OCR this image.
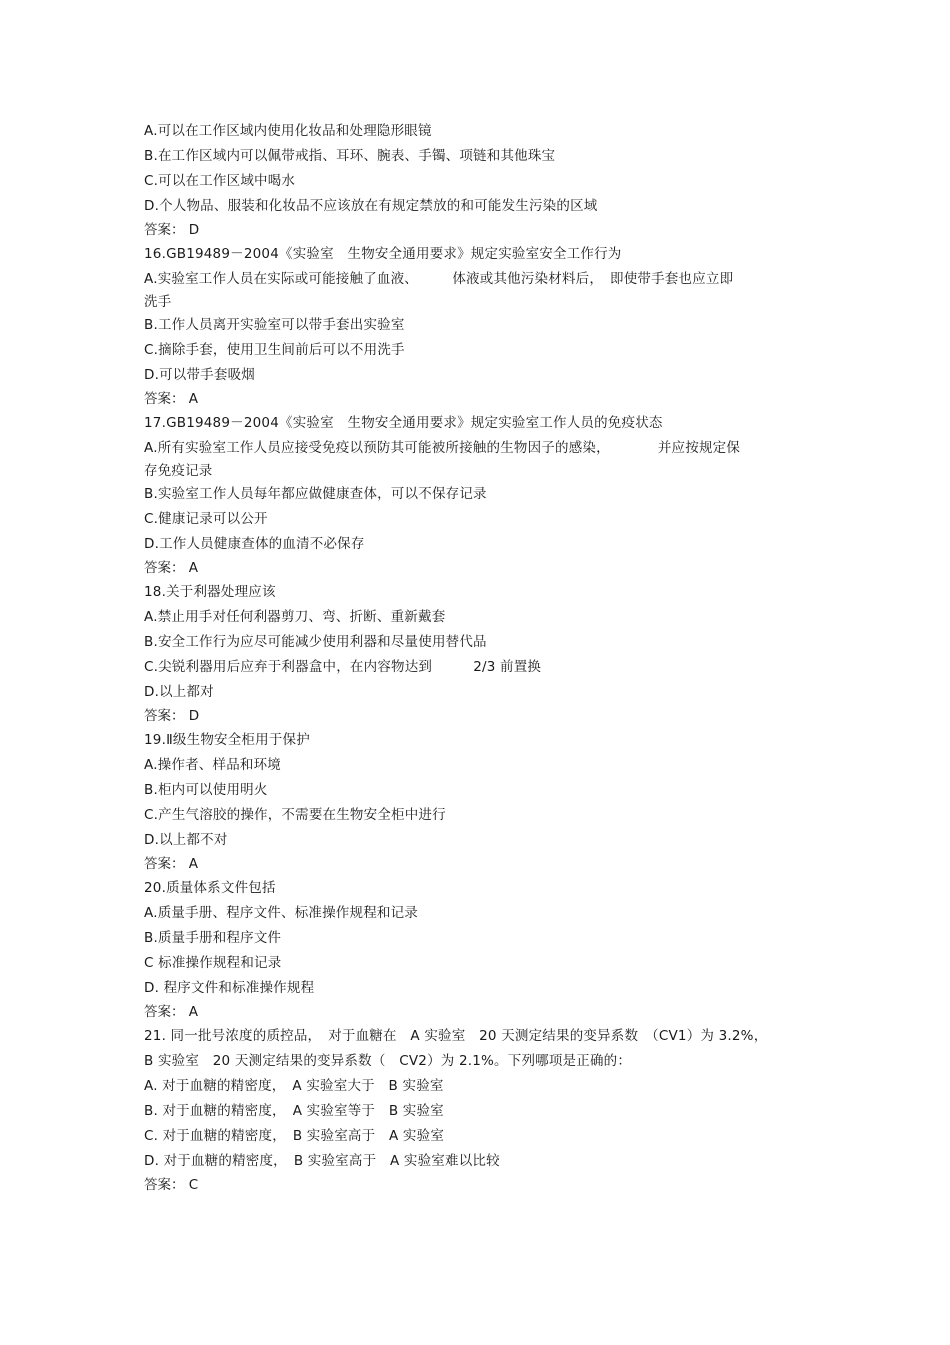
A.可以在工作区域内使用化妆品和处理隐形眼镜
B.在工作区域内可以佩带戒指、耳环、腕表、手镯、项链和其他珠宝
C.可以在工作区域中喝水
D.个人物品、服装和化妆品不应该放在有规定禁放的和可能发生污染的区域
答案： D
16.GB19489－2004《实验室　生物安全通用要求》规定实验室安全工作行为
A.实验室工作人员在实际或可能接触了血液、　　　体液或其他污染材料后，　即使带手套也应立即
洗手
B.工作人员离开实验室可以带手套出实验室
C.摘除手套，使用卫生间前后可以不用洗手
D.可以带手套吸烟
答案： A
17.GB19489－2004《实验室　生物安全通用要求》规定实验室工作人员的免疫状态
A.所有实验室工作人员应接受免疫以预防其可能被所接触的生物因子的感染，　　　　并应按规定保
存免疫记录
B.实验室工作人员每年都应做健康查体，可以不保存记录
C.健康记录可以公开
D.工作人员健康查体的血清不必保存
答案： A
18.关于利器处理应该
A.禁止用手对任何利器剪刀、弯、折断、重新戴套
B.安全工作行为应尽可能减少使用利器和尽量使用替代品
C.尖锐利器用后应弃于利器盒中，在内容物达到　　　2/3 前置换
D.以上都对
答案： D
19.Ⅱ级生物安全柜用于保护
A.操作者、样品和环境
B.柜内可以使用明火
C.产生气溶胶的操作，不需要在生物安全柜中进行
D.以上都不对
答案： A
20.质量体系文件包括
A.质量手册、程序文件、标准操作规程和记录
B.质量手册和程序文件
C 标准操作规程和记录
D. 程序文件和标准操作规程
答案： A
21. 同一批号浓度的质控品，　对于血糖在　A 实验室　20 天测定结果的变异系数　（CV1）为 3.2%，
B 实验室　20 天测定结果的变异系数（　CV2）为 2.1%。下列哪项是正确的：
A. 对于血糖的精密度，　A 实验室大于　B 实验室
B. 对于血糖的精密度，　A 实验室等于　B 实验室
C. 对于血糖的精密度，　B 实验室高于　A 实验室
D. 对于血糖的精密度，　B 实验室高于　A 实验室难以比较
答案： C
